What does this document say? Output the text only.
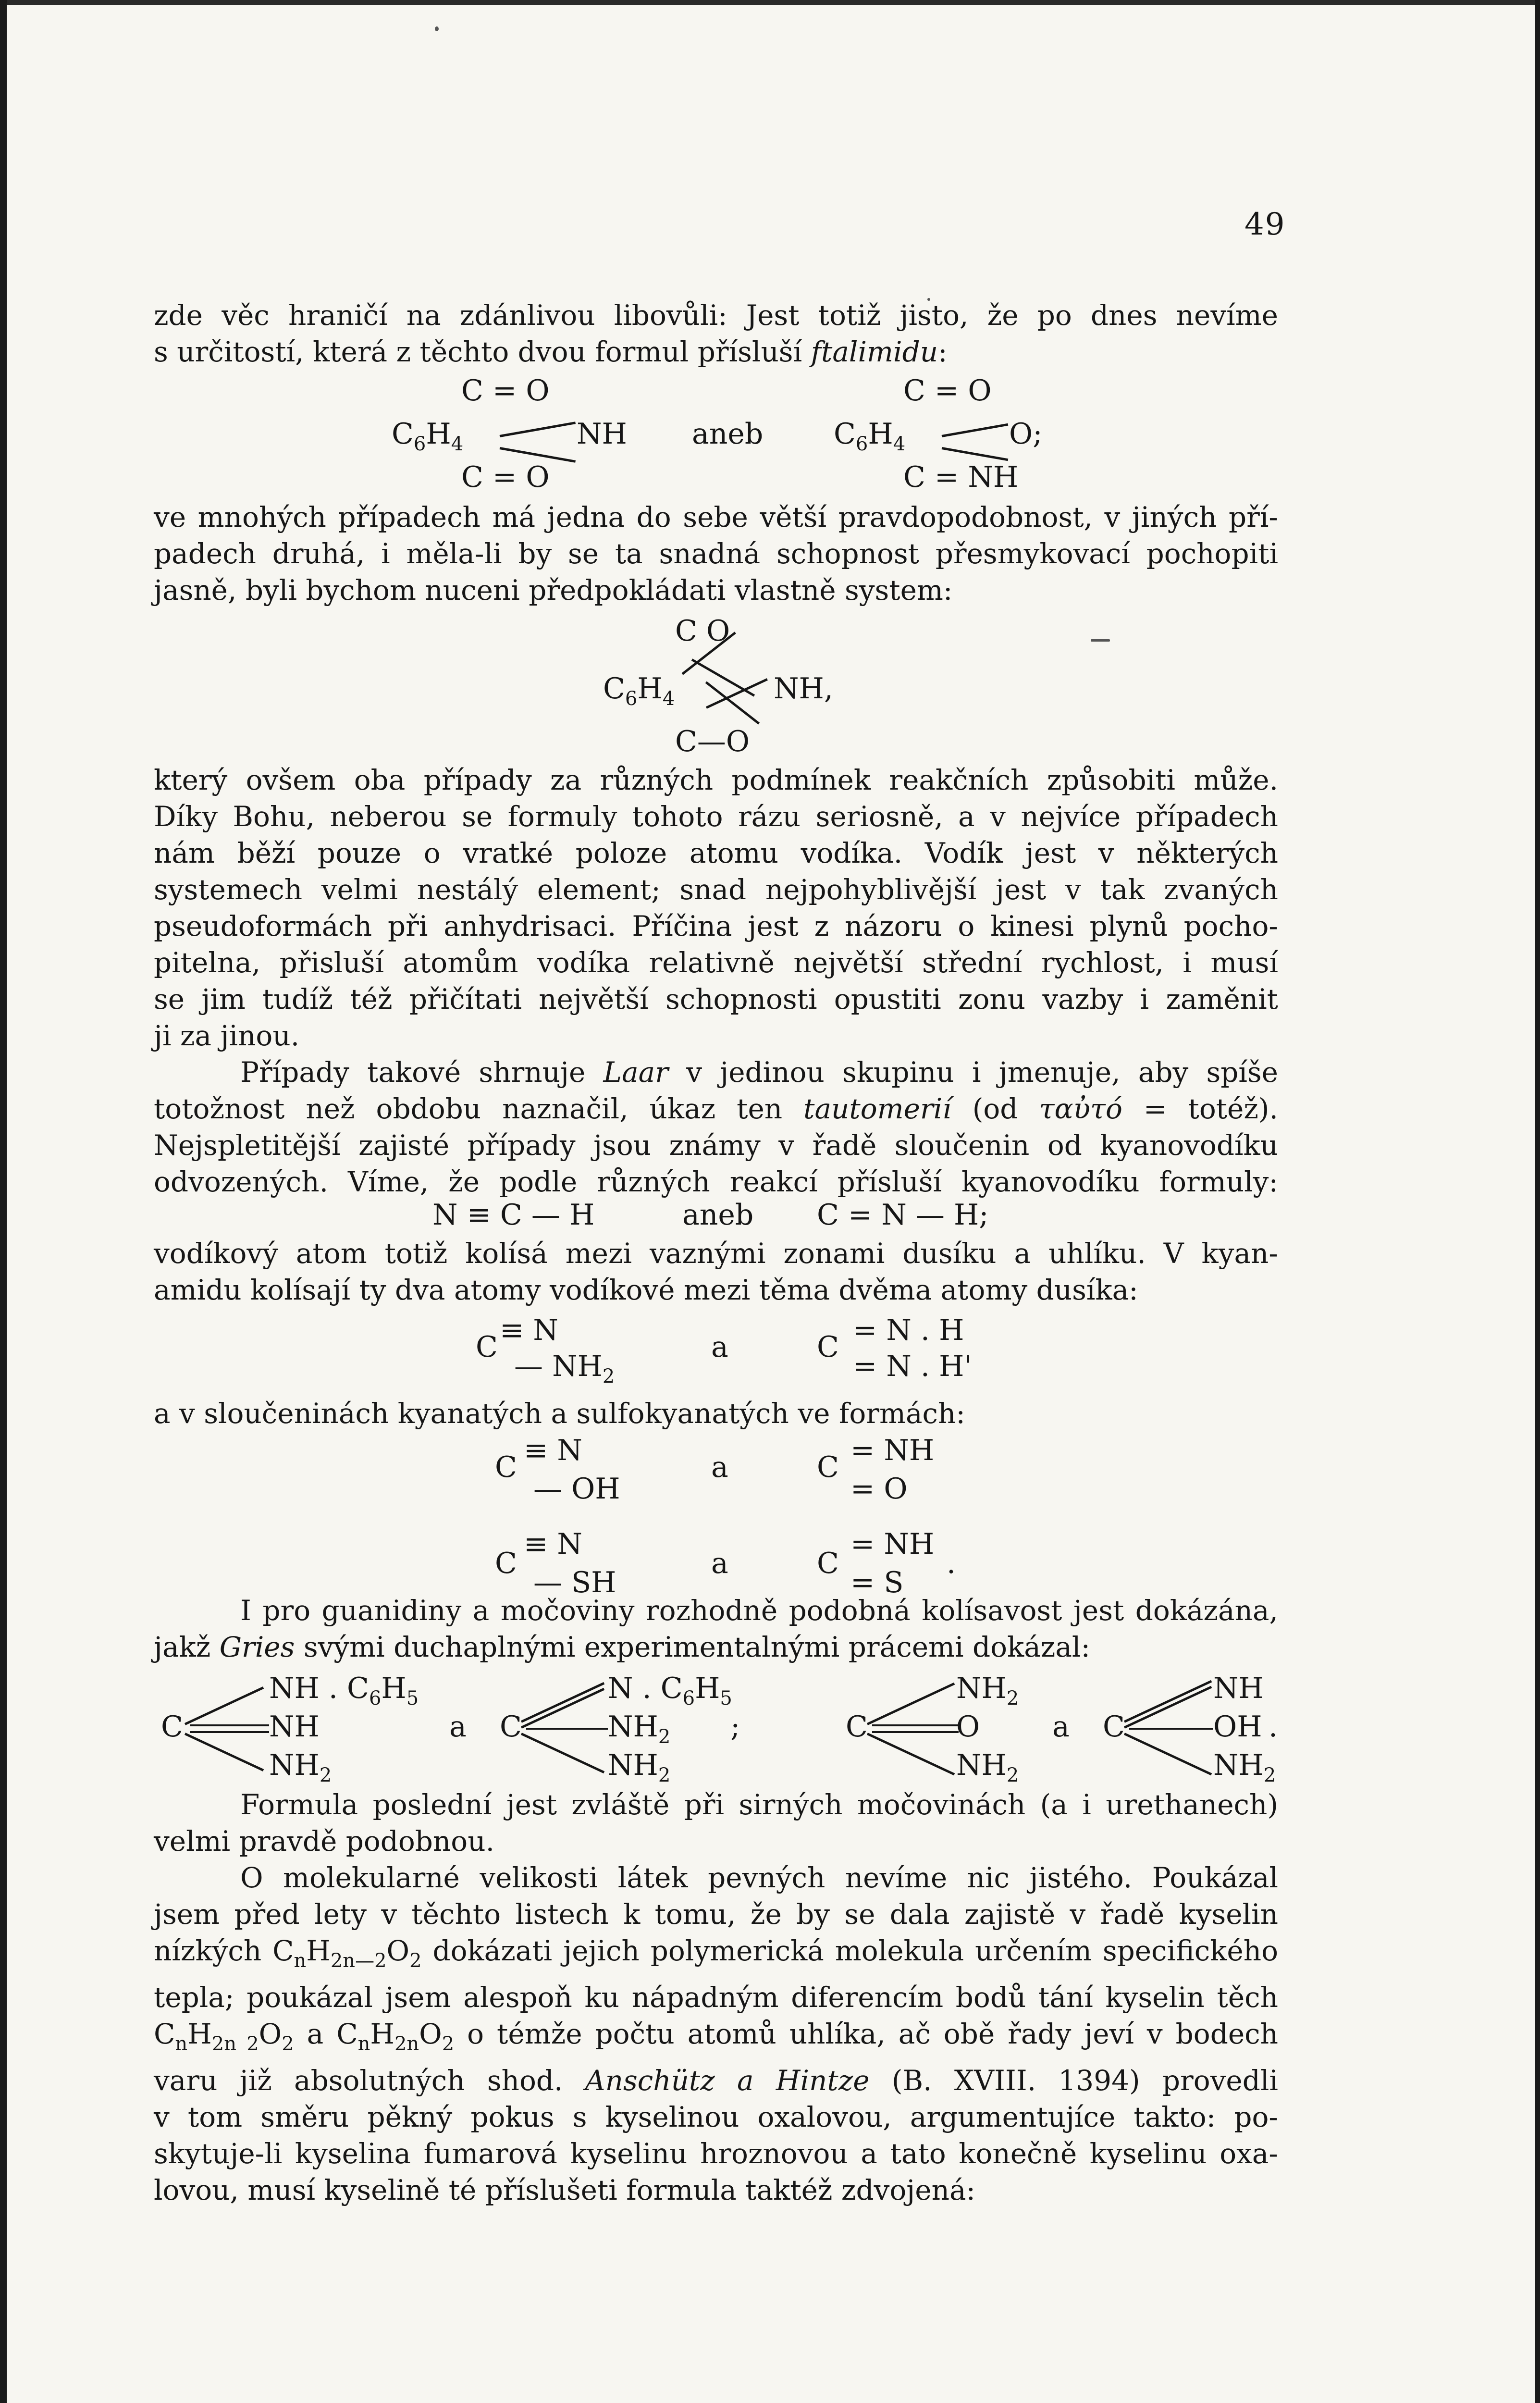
49
zde věc hraničí na zdánlivou libovůli: Jest totiž jisto, že po dnes nevíme
s určitostí, která z těchto dvou formul přísluší ftalimidu:
C = O
$C_6H_4$	NH
C = O
aneb
C = O
$C_6H_4$	O;
C = NH
ve mnohých případech má jedna do sebe větší pravdopodobnost, v jiných pří-
padech druhá, i měla-li by se ta snadná schopnost přesmykovací pochopiti
jasně, byli bychom nuceni předpokládati vlastně system:
C O
$C_6H_4$	NH,
C—O
který ovšem oba případy za různých podmínek reakčních způsobiti může.
Díky Bohu, neberou se formuly tohoto rázu seriosně, a v nejvíce případech
nám běží pouze o vratké poloze atomu vodíka. Vodík jest v některých
systemech velmi nestálý element; snad nejpohyblivější jest v tak zvaných
pseudoformách při anhydrisaci. Příčina jest z názoru o kinesi plynů pocho-
pitelna, přisluší atomům vodíka relativně největší střední rychlost, i musí
se jim tudíž též přičítati největší schopnosti opustiti zonu vazby i zaměnit
ji za jinou.
Případy takové shrnuje Laar v jedinou skupinu i jmenuje, aby spíše
totožnost než obdobu naznačil, úkaz ten tautomerií (od ταὐτό = totéž).
Nejspletitější zajisté případy jsou známy v řadě sloučenin od kyanovodíku
odvozených. Víme, že podle různých reakcí přísluší kyanovodíku formuly:
N ≡ C — H	aneb C = N — H;
vodíkový atom totiž kolísá mezi vaznými zonami dusíku a uhlíku. V kyan-
amidu kolísají ty dva atomy vodíkové mezi těma dvěma atomy dusíka:
C ≡ N
— $NH_2$
a	C = N . H
= N . H'
a v sloučeninách kyanatých a sulfokyanatých ve formách:
C ≡ N
— OH
a	C = NH
= O
C
≡ N
— SH
a	C
= NH
= S
.
I pro guanidiny a močoviny rozhodně podobná kolísavost jest dokázána,
jakž Gries svými duchaplnými experimentalnými prácemi dokázal:
C
NH . $C_6H_5$
NH
$NH_2$
a C
N . $C_6H_5$
$NH_2$
$NH_2$
;	C
$NH_2$
O
$NH_2$
a C
NH
OH .
$NH_2$
Formula poslední jest zvláště při sirných močovinách (a i urethanech)
velmi pravdě podobnou.
O molekularné velikosti látek pevných nevíme nic jistého. Poukázal
jsem před lety v těchto listech k tomu, že by se dala zajistě v řadě kyselin
nízkých $C_nH_{2n—2}O_2$ dokázati jejich polymerická molekula určením specifického
tepla; poukázal jsem alespoň ku nápadným diferencím bodů tání kyselin těch
$C_nH_{2n 2}O_2$ a $C_nH_{2n}O_2$ o témže počtu atomů uhlíka, ač obě řady jeví v bodech
varu již absolutných shod. Anschütz a Hintze (B. XVIII. 1394) provedli
v tom směru pěkný pokus s kyselinou oxalovou, argumentujíce takto: po-
skytuje-li kyselina fumarová kyselinu hroznovou a tato konečně kyselinu oxa-
lovou, musí kyselině té příslušeti formula taktéž zdvojená:
